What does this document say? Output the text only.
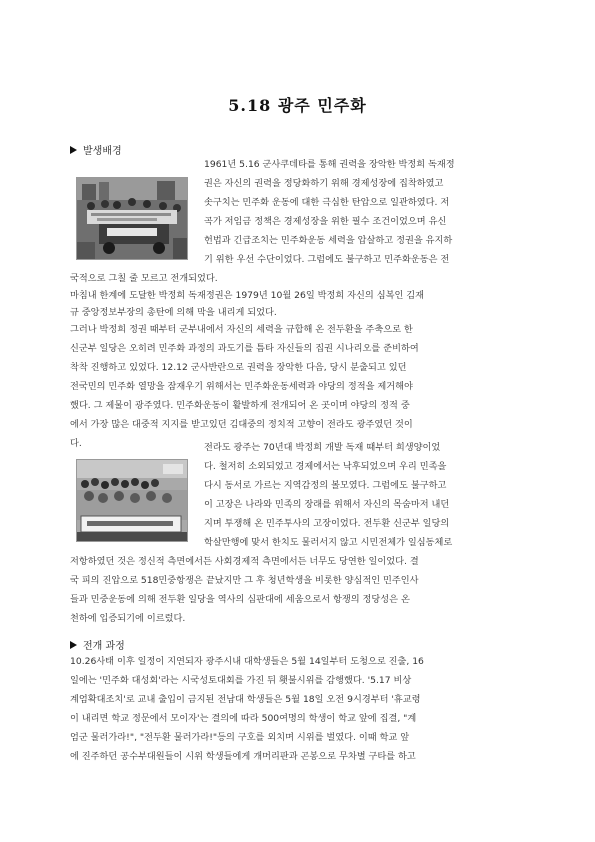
5.18 광주 민주화
발생배경
1961년 5.16 군사쿠데타를 통해 권력을 장악한 박정희 독재정
권은 자신의 권력을 정당화하기 위해 경제성장에 집착하였고
솟구치는 민주화 운동에 대한 극심한 탄압으로 일관하였다. 저
곡가 저임금 정책은 경제성장을 위한 필수 조건이었으며 유신
헌법과 긴급조치는 민주화운동 세력을 압살하고 정권을 유지하
기 위한 우선 수단이었다. 그럼에도 불구하고 민주화운동은 전
국적으로 그칠 줄 모르고 전개되었다.
마침내 한계에 도달한 박정희 독재정권은 1979년 10월 26일 박정희 자신의 심복인 김재
규 중앙정보부장의 총탄에 의해 막을 내리게 되었다.
그러나 박정희 정권 때부터 군부내에서 자신의 세력을 규합해 온 전두환을 주축으로 한
신군부 일당은 오히려 민주화 과정의 과도기를 틈타 자신들의 집권 시나리오를 준비하여
착착 진행하고 있었다. 12.12 군사반란으로 권력을 장악한 다음, 당시 분출되고 있던
전국민의 민주화 열망을 잠재우기 위해서는 민주화운동세력과 야당의 정적을 제거해야
했다. 그 제물이 광주였다. 민주화운동이 활발하게 전개되어 온 곳이며 야당의 정적 중
에서 가장 많은 대중적 지지를 받고있던 김대중의 정치적 고향이 전라도 광주였던 것이
다.	전라도 광주는 70년대 박정희 개발 독재 때부터 희생양이었
다. 철저히 소외되었고 경제에서는 낙후되었으며 우리 민족을
다시 동서로 가르는 지역감정의 볼모였다. 그럼에도 불구하고
이 고장은 나라와 민족의 장래를 위해서 자신의 목숨마저 내던
지며 투쟁해 온 민주투사의 고장이었다. 전두환 신군부 일당의
학살만행에 맞서 한치도 물러서지 않고 시민전체가 일심동체로
저항하였던 것은 정신적 측면에서든 사회경제적 측면에서든 너무도 당연한 일이었다. 결
국 피의 진압으로 518민중항쟁은 끝났지만 그 후 청년학생을 비롯한 양심적인 민주인사
들과 민중운동에 의해 전두환 일당을 역사의 심판대에 세움으로서 항쟁의 정당성은 온
천하에 입증되기에 이르렀다.
전개 과정
10.26사태 이후 일정이 지연되자 광주시내 대학생들은 5월 14일부터 도청으로 진출, 16
일에는 '민주화 대성회'라는 시국성토대회를 가진 뒤 횃불시위를 감행했다. '5.17 비상
계엄확대조치'로 교내 출입이 금지된 전남대 학생들은 5월 18일 오전 9시경부터 '휴교령
이 내리면 학교 정문에서 모이자'는 결의에 따라 500여명의 학생이 학교 앞에 집결, "계
엄군 물러가라!", "전두환 물러가라!"등의 구호를 외치며 시위를 벌였다. 이때 학교 앞
에 진주하던 공수부대원들이 시위 학생들에게 개머리판과 곤봉으로 무차별 구타를 하고
